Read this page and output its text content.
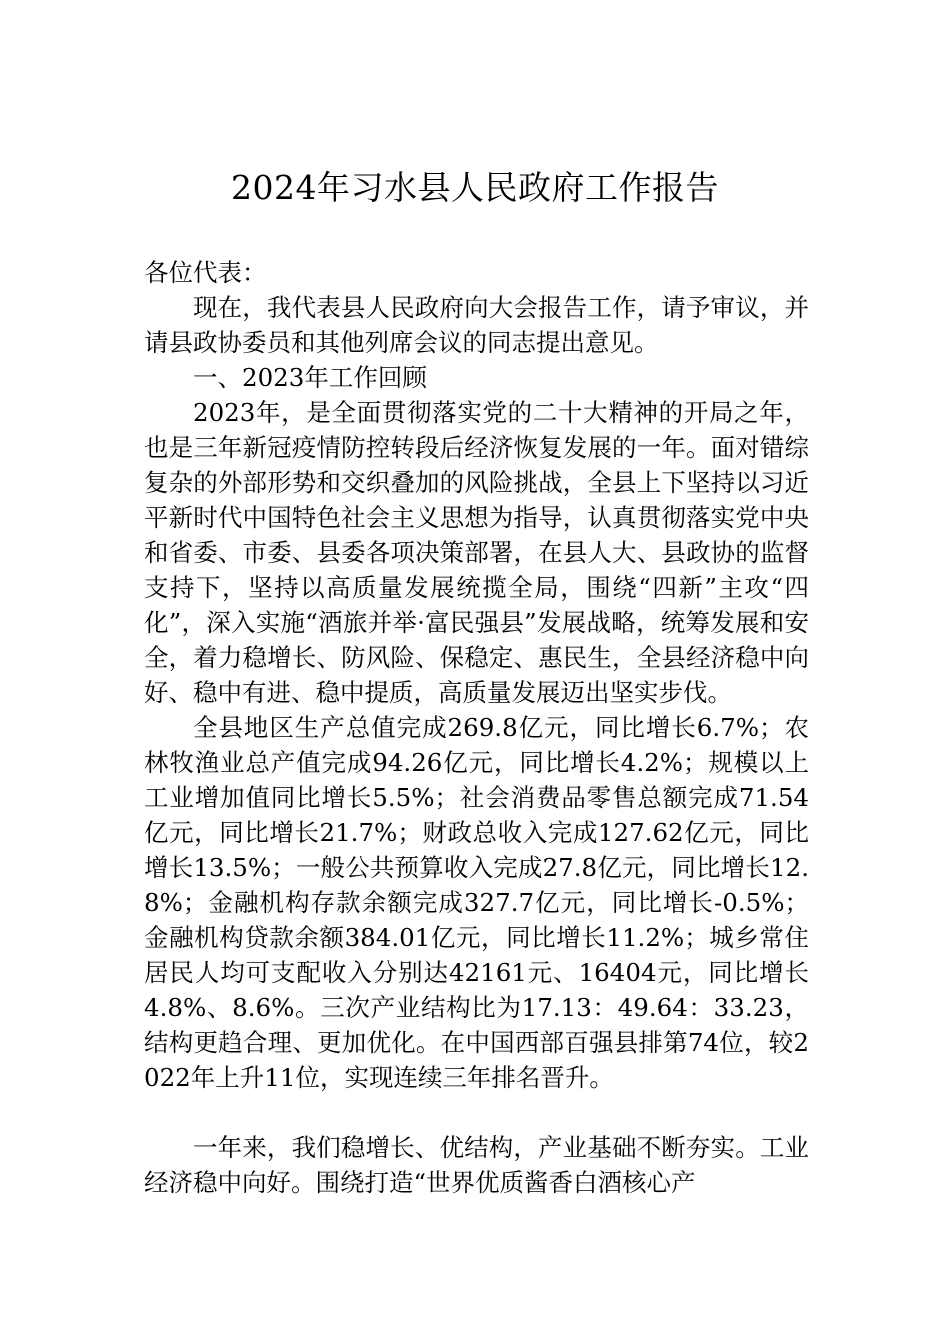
2024年习水县人民政府工作报告

各位代表：

现在，我代表县人民政府向大会报告工作，请予审议，并请县政协委员和其他列席会议的同志提出意见。

一、2023年工作回顾

2023年，是全面贯彻落实党的二十大精神的开局之年，也是三年新冠疫情防控转段后经济恢复发展的一年。面对错综复杂的外部形势和交织叠加的风险挑战，全县上下坚持以习近平新时代中国特色社会主义思想为指导，认真贯彻落实党中央和省委、市委、县委各项决策部署，在县人大、县政协的监督支持下，坚持以高质量发展统揽全局，围绕“四新”主攻“四化”，深入实施“酒旅并举·富民强县”发展战略，统筹发展和安全，着力稳增长、防风险、保稳定、惠民生，全县经济稳中向好、稳中有进、稳中提质，高质量发展迈出坚实步伐。

全县地区生产总值完成269.8亿元，同比增长6.7%；农林牧渔业总产值完成94.26亿元，同比增长4.2%；规模以上工业增加值同比增长5.5%；社会消费品零售总额完成71.54亿元，同比增长21.7%；财政总收入完成127.62亿元，同比增长13.5%；一般公共预算收入完成27.8亿元，同比增长12.8%；金融机构存款余额完成327.7亿元，同比增长-0.5%；金融机构贷款余额384.01亿元，同比增长11.2%；城乡常住居民人均可支配收入分别达42161元、16404元，同比增长4.8%、8.6%。三次产业结构比为17.13：49.64：33.23，结构更趋合理、更加优化。在中国西部百强县排第74位，较2022年上升11位，实现连续三年排名晋升。

一年来，我们稳增长、优结构，产业基础不断夯实。工业经济稳中向好。围绕打造“世界优质酱香白酒核心产
